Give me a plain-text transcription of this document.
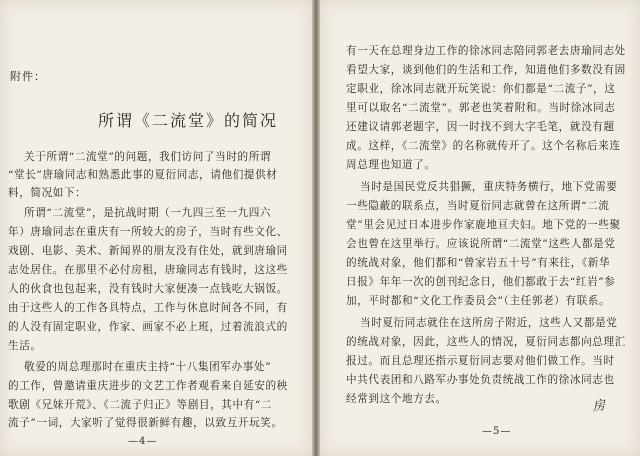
附件：
所谓《二流堂》的简况
关于所谓“二流堂”的问题，我们访问了当时的所谓
“堂长”唐瑜同志和熟悉此事的夏衍同志，请他们提供材
料，简况如下：
所谓“二流堂”，是抗战时期（一九四三至一九四六
年）唐瑜同志在重庆有一所较大的房子，当时有些文化、
戏剧、电影、美术、新闻界的朋友没有住处，就到唐瑜同
志处居住。在那里不必付房租，唐瑜同志有钱时，这这些
人的伙食也包起来，没有钱时大家便凑一点钱吃大锅饭。
由于这些人的工作各具特点，工作与休息时间各不同，有
的人没有固定职业，作家、画家不必上班，过着流浪式的
生活。
敬爱的周总理那时在重庆主持“十八集团军办事处”
的工作，曾邀请重庆进步的文艺工作者观看来自延安的秧
歌剧《兄妹开荒》、《二流子归正》等剧目，其中有“二
流子”一词，大家听了觉得很新鲜有趣，以致互开玩笑。
—4—
有一天在总理身边工作的徐冰同志陪同郭老去唐瑜同志处
看望大家，谈到他们的生活和工作，知道他们多数没有固
定职业，徐冰同志就开玩笑说：你们都是“二流子”，这
里可以取名“二流堂”。郭老也笑着附和。当时徐冰同志
还建议请郭老题字，因一时找不到大字毛笔，就没有题
成。这样，《二流堂》的名称就传开了。这个名称后来连
周总理也知道了。
当时是国民党反共猖獗，重庆特务横行，地下党需要
一些隐蔽的联系点，当时夏衍同志就曾在这所谓“二流
堂”里会见过日本进步作家鹿地亘夫妇。地下党的一些聚
会也曾在这里举行。应该说所谓“二流堂”这些人都是党
的统战对象，他们都和“曾家岩五十号”有来往，《新华
日报》年年一次的创刊纪念日，他们都敢于去“红岩”参
加，平时都和“文化工作委员会”（主任郭老）有联系。
当时夏衍同志就住在这所房子附近，这些人又都是党
的统战对象，因此，这些人的情况，夏衍同志都向总理汇
报过。而且总理还指示夏衍同志要对他们做工作。当时
中共代表团和八路军办事处负责统战工作的徐冰同志也
经常到这个地方去。	房
—5—
